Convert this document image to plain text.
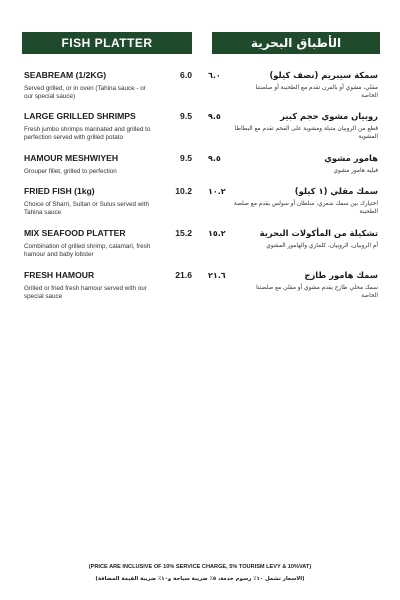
FISH PLATTER	الأطباق البحرية
SEABREAM (1/2KG)
Served grilled, or in oven (Tahina sauce - or our special sauce)
6.0 ٦.٠	سمكة سيبريم (نصف كيلو)
مقلي، مشوي أو بالفرن تقدم مع الطحينة أو صلصتنا الخاصة
LARGE GRILLED SHRIMPS
Fresh jumbo shrimps marinated and grilled to perfection served with grilled potato
9.5 ٩.٥	روبيان مشوي حجم كبير
قطع من الروبيان متبلة ومشوية على الفحم تقدم مع البطاطا المشوية
HAMOUR MESHWIYEH
Grouper fillet, grilled to perfection
9.5 ٩.٥	هامور مشوي
فيليه هامور مشوي
FRIED FISH (1kg)
Choice of Sharri, Sultan or Sulus served with Tahina sauce
10.2 ١٠.٢	سمك مقلي (١ كيلو)
اختيارك بين سمك شعري، سلطان أو سولس يقدم مع صلصة الطحينة
MIX SEAFOOD PLATTER
Combination of grilled shrimp, calamari, fresh hamour and baby lobster
15.2 ١٥.٢	تشكيلة من المأكولات البحرية
أم الروبيان، الروبيان، كلماري والهامور المشوي
FRESH HAMOUR
Grilled or fried fresh hamour served with our special sauce
21.6 ٢١.٦	سمك هامور طازج
سمك محلي طازج يقدم مشوي أو مقلي مع صلصتنا الخاصة
(PRICE ARE INCLUSIVE OF 10% SERVICE CHARGE, 5% TOURISM LEVY & 10%VAT)
(الاسعار تشمل ١٠٪ رسوم خدمة، ٥٪ ضريبة سياحة و١٠٪ ضريبة القيمة المضافة)
